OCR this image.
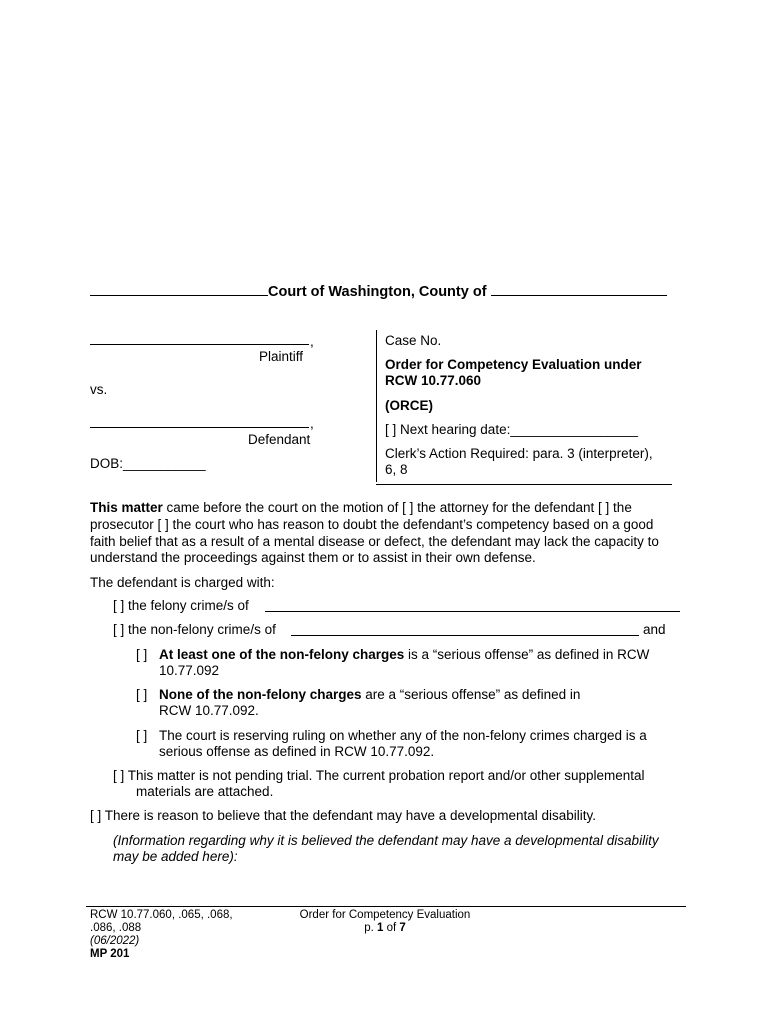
Court of Washington, County of
,
Plaintiff
vs.
,
Defendant
DOB:___________
Case No.
Order for Competency Evaluation under
RCW 10.77.060
(ORCE)
[ ] Next hearing date:_________________
Clerk’s Action Required: para. 3 (interpreter),
6, 8
This matter came before the court on the motion of [ ] the attorney for the defendant [ ] the
prosecutor [ ] the court who has reason to doubt the defendant’s competency based on a good
faith belief that as a result of a mental disease or defect, the defendant may lack the capacity to
understand the proceedings against them or to assist in their own defense.
The defendant is charged with:
[ ] the felony crime/s of
[ ] the non-felony crime/s of	and
[ ] At least one of the non-felony charges is a “serious offense” as defined in RCW
10.77.092
[ ] None of the non-felony charges are a “serious offense” as defined in
RCW 10.77.092.
[ ] The court is reserving ruling on whether any of the non-felony crimes charged is a
serious offense as defined in RCW 10.77.092.
[ ] This matter is not pending trial. The current probation report and/or other supplemental
materials are attached.
[ ] There is reason to believe that the defendant may have a developmental disability.
(Information regarding why it is believed the defendant may have a developmental disability
may be added here):
RCW 10.77.060, .065, .068,
.086, .088
(06/2022)
MP 201
Order for Competency Evaluation
p. 1 of 7
